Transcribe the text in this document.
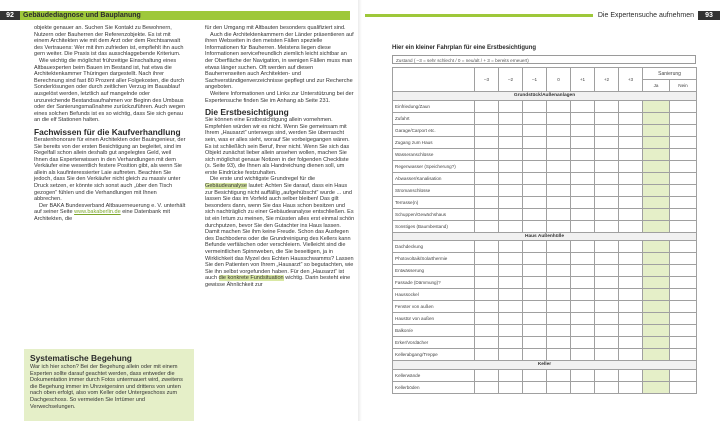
92	Gebäudediagnose und Bauplanung

objekte genauer an. Suchen Sie Kontakt zu Bewohnern, Nutzern oder Bauherren der Referenzobjekte. Es ist mit einem Architekten wie mit dem Arzt oder dem Rechtsanwalt des Vertrauens: Wer mit ihm zufrieden ist, empfiehlt ihn auch gern weiter. Die Praxis ist das ausschlaggebende Kriterium.

Wie wichtig die möglichst frühzeitige Einschaltung eines Altbauexperten beim Bauen im Bestand ist, hat etwa die Architektenkammer Thüringen dargestellt. Nach ihrer Berechnung sind fast 80 Prozent aller Folgekosten, die durch Sonderlösungen oder durch zeitlichen Verzug im Bauablauf ausgelöst werden, letztlich auf mangelnde oder unzureichende Bestandsaufnahmen vor Beginn des Umbaus oder der Sanierungsmaßnahme zurückzuführen. Auch wegen eines solchen Befunds ist es so wichtig, dass Sie sich genau an die elf Stationen halten.

Fachwissen für die Kaufverhandlung

Beratenhonorare für einen Architekten oder Bauingenieur, der Sie bereits von der ersten Besichtigung an begleitet, sind im Regelfall schon allein deshalb gut angelegtes Geld, weil Ihnen das Expertenwissen in den Verhandlungen mit dem Verkäufer eine wesentlich festere Position gibt, als wenn Sie allein als kaufinteressierter Laie auftreten. Beachten Sie jedoch, dass Sie den Verkäufer nicht gleich zu massiv unter Druck setzen, er könnte sich sonst auch „über den Tisch gezogen“ fühlen und die Verhandlungen mit Ihnen abbrechen.

Der BAKA Bundesverband Altbauerneuerung e. V. unterhält auf seiner Seite www.bakaberlin.de eine Datenbank mit Architekten, die

für den Umgang mit Altbauten besonders qualifiziert sind.

Auch die Architektenkammern der Länder präsentieren auf ihren Webseiten in den meisten Fällen spezielle Informationen für Bauherren. Meistens liegen diese Informationen servicefreundlich ziemlich leicht sichtbar an der Oberfläche der Navigation, in wenigen Fällen muss man etwas länger suchen. Oft werden auf diesen Bauherrenseiten auch Architekten- und Sachverständigenverzeichnisse gepflegt und zur Recherche angeboten.

Weitere Informationen und Links zur Unterstützung bei der Expertensuche finden Sie im Anhang ab Seite 231.

Die Erstbesichtigung

Sie können eine Erstbesichtigung allein vornehmen. Empfehlen würden wir es nicht. Wenn Sie gemeinsam mit Ihrem „Hausarzt“ unterwegs sind, werden Sie überrascht sein, was er alles sieht, worauf Sie vorbeigegangen wären. Es ist schließlich sein Beruf, Ihrer nicht. Wenn Sie sich das Objekt zunächst lieber allein ansehen wollen, machen Sie sich möglichst genaue Notizen in der folgenden Checkliste (s. Seite 93), die Ihnen als Handreichung dienen soll, um erste Eindrücke festzuhalten.

Die erste und wichtigste Grundregel für die Gebäudeanalyse lautet: Achten Sie darauf, dass ein Haus zur Besichtigung nicht auffällig „aufgehübscht“ wurde ... und lassen Sie das im Vorfeld auch selber bleiben! Das gilt besonders dann, wenn Sie das Haus schon besitzen und sich nachträglich zu einer Gebäudeanalyse entschließen. Es ist ein Irrtum zu meinen, Sie müssten alles erst einmal schön durchputzen, bevor Sie den Gutachter ins Haus lassen. Damit machen Sie ihm keine Freude. Schon das Ausfegen des Dachbodens oder die Grundreinigung des Kellers kann Befunde verfälschen oder verschleiern. Vielleicht sind die vermeintlichen Spinnweben, die Sie beseitigen, ja in Wirklichkeit das Myzel des Echten Hausschwamms? Lassen Sie den Patienten von Ihrem „Hausarzt“ so begutachten, wie Sie ihn selbst vorgefunden haben. Für den „Hausarzt“ ist auch die konkrete Fundsituation wichtig. Darin besteht eine gewisse Ähnlichkeit zur

Systematische Begehung

War ich hier schon? Bei der Begehung allein oder mit einem Experten sollte darauf geachtet werden, dass entweder die Dokumentation immer durch Fotos untermauert wird, zweitens die Begehung immer im Uhrzeigersinn und drittens von unten nach oben erfolgt, also vom Keller oder Untergeschoss zum Dachgeschoss. So vermeiden Sie Irrtümer und Verwechselungen.

Die Expertensuche aufnehmen	93
Hier ein kleiner Fahrplan für eine Erstbesichtigung
Zustand ( –3 = sehr schlecht / 0 = neu/alt / + 3 = bereits erneuert)
	–3	–2	–1	0	+1	+2	+3	Sanierung	
								Ja	Nein
Grundstück/Außenanlagen									
Einfriedung/Zaun									
Zufahrt									
Garage/Carport etc.									
Zugang zum Haus									
Wasseranschlüsse									
Regenwasser (Speicherung?)									
Abwasser/Kanalisation									
Stromanschlüsse									
Terrasse(n)									
Schuppen/Gewächshaus									
Sonstiges (Baumbestand)									
Haus Außenhülle									
Dachdeckung									
Photovoltaik/Solarthermie									
Entwässerung									
Fassade (Dämmung)?									
Haussockel									
Fenster von außen									
Haustür von außen									
Balkon/e									
Erker/Vordächer									
Kellerabgang/Treppe									
Keller									
Kellerwände									
Kellerböden									
